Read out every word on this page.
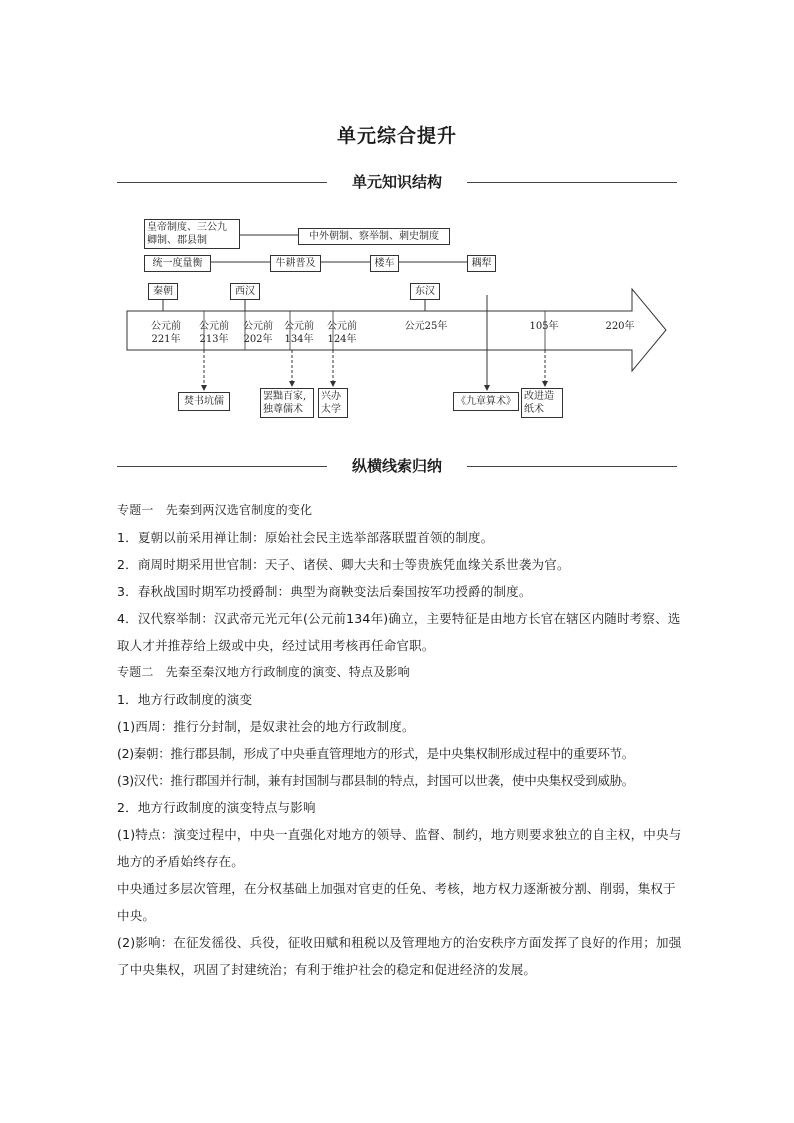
单元综合提升
单元知识结构
皇帝制度、三公九
卿制、郡县制	中外朝制、察举制、刺史制度
统一度量衡	牛耕普及	楼车	耦犁
秦朝	西汉	东汉
公元前
221年
公元前
213年
公元前
202年
公元前
134年
公元前
124年
公元25年	105年	220年
焚书坑儒	罢黜百家,
独尊儒术
兴办
太学
《九章算术》 改进造
纸术
纵横线索归纳

专题一　先秦到两汉选官制度的变化

1．夏朝以前采用禅让制：原始社会民主选举部落联盟首领的制度。

2．商周时期采用世官制：天子、诸侯、卿大夫和士等贵族凭血缘关系世袭为官。

3．春秋战国时期军功授爵制：典型为商鞅变法后秦国按军功授爵的制度。

4．汉代察举制：汉武帝元光元年(公元前134年)确立，主要特征是由地方长官在辖区内随时考察、选取人才并推荐给上级或中央，经过试用考核再任命官职。

专题二　先秦至秦汉地方行政制度的演变、特点及影响

1．地方行政制度的演变

(1)西周：推行分封制，是奴隶社会的地方行政制度。

(2)秦朝：推行郡县制，形成了中央垂直管理地方的形式，是中央集权制形成过程中的重要环节。

(3)汉代：推行郡国并行制，兼有封国制与郡县制的特点，封国可以世袭，使中央集权受到威胁。

2．地方行政制度的演变特点与影响

(1)特点：演变过程中，中央一直强化对地方的领导、监督、制约，地方则要求独立的自主权，中央与地方的矛盾始终存在。

中央通过多层次管理，在分权基础上加强对官吏的任免、考核，地方权力逐渐被分割、削弱，集权于中央。

(2)影响：在征发徭役、兵役，征收田赋和租税以及管理地方的治安秩序方面发挥了良好的作用；加强了中央集权，巩固了封建统治；有利于维护社会的稳定和促进经济的发展。
